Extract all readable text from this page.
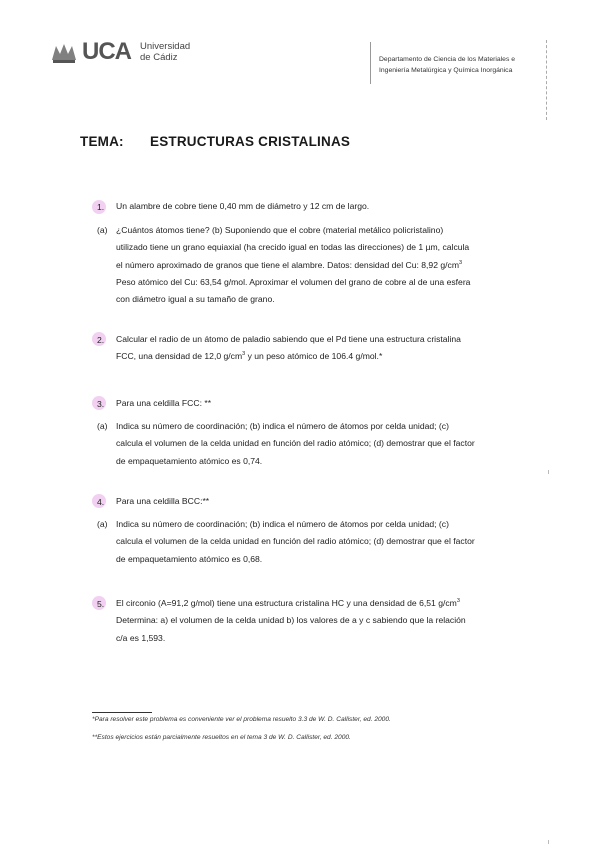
UCA Universidad
de Cádiz	Departamento de Ciencia de los Materiales e
Ingeniería Metalúrgica y Química Inorgánica
TEMA: ESTRUCTURAS CRISTALINAS
1. Un alambre de cobre tiene 0,40 mm de diámetro y 12 cm de largo.
(a) ¿Cuántos átomos tiene? (b) Suponiendo que el cobre (material metálico policristalino)
utilizado tiene un grano equiaxial (ha crecido igual en todas las direcciones) de 1 µm, calcula
el número aproximado de granos que tiene el alambre. Datos: densidad del Cu: 8,92 $g/cm^3$
Peso atómico del Cu: 63,54 g/mol. Aproximar el volumen del grano de cobre al de una esfera
con diámetro igual a su tamaño de grano.
2. Calcular el radio de un átomo de paladio sabiendo que el Pd tiene una estructura cristalina
FCC, una densidad de 12,0 $g/cm^3$ y un peso atómico de 106.4 g/mol.*
3. Para una celdilla FCC: **
(a) Indica su número de coordinación; (b) indica el número de átomos por celda unidad; (c)
calcula el volumen de la celda unidad en función del radio atómico; (d) demostrar que el factor
de empaquetamiento atómico es 0,74.
4. Para una celdilla BCC:**
(a) Indica su número de coordinación; (b) indica el número de átomos por celda unidad; (c)
calcula el volumen de la celda unidad en función del radio atómico; (d) demostrar que el factor
de empaquetamiento atómico es 0,68.
5. El circonio (A=91,2 g/mol) tiene una estructura cristalina HC y una densidad de 6,51 $g/cm^3$
Determina: a) el volumen de la celda unidad b) los valores de a y c sabiendo que la relación
c/a es 1,593.
*Para resolver este problema es conveniente ver el problema resuelto 3.3 de W. D. Callister, ed. 2000.
**Estos ejercicios están parcialmente resueltos en el tema 3 de W. D. Callister, ed. 2000.
